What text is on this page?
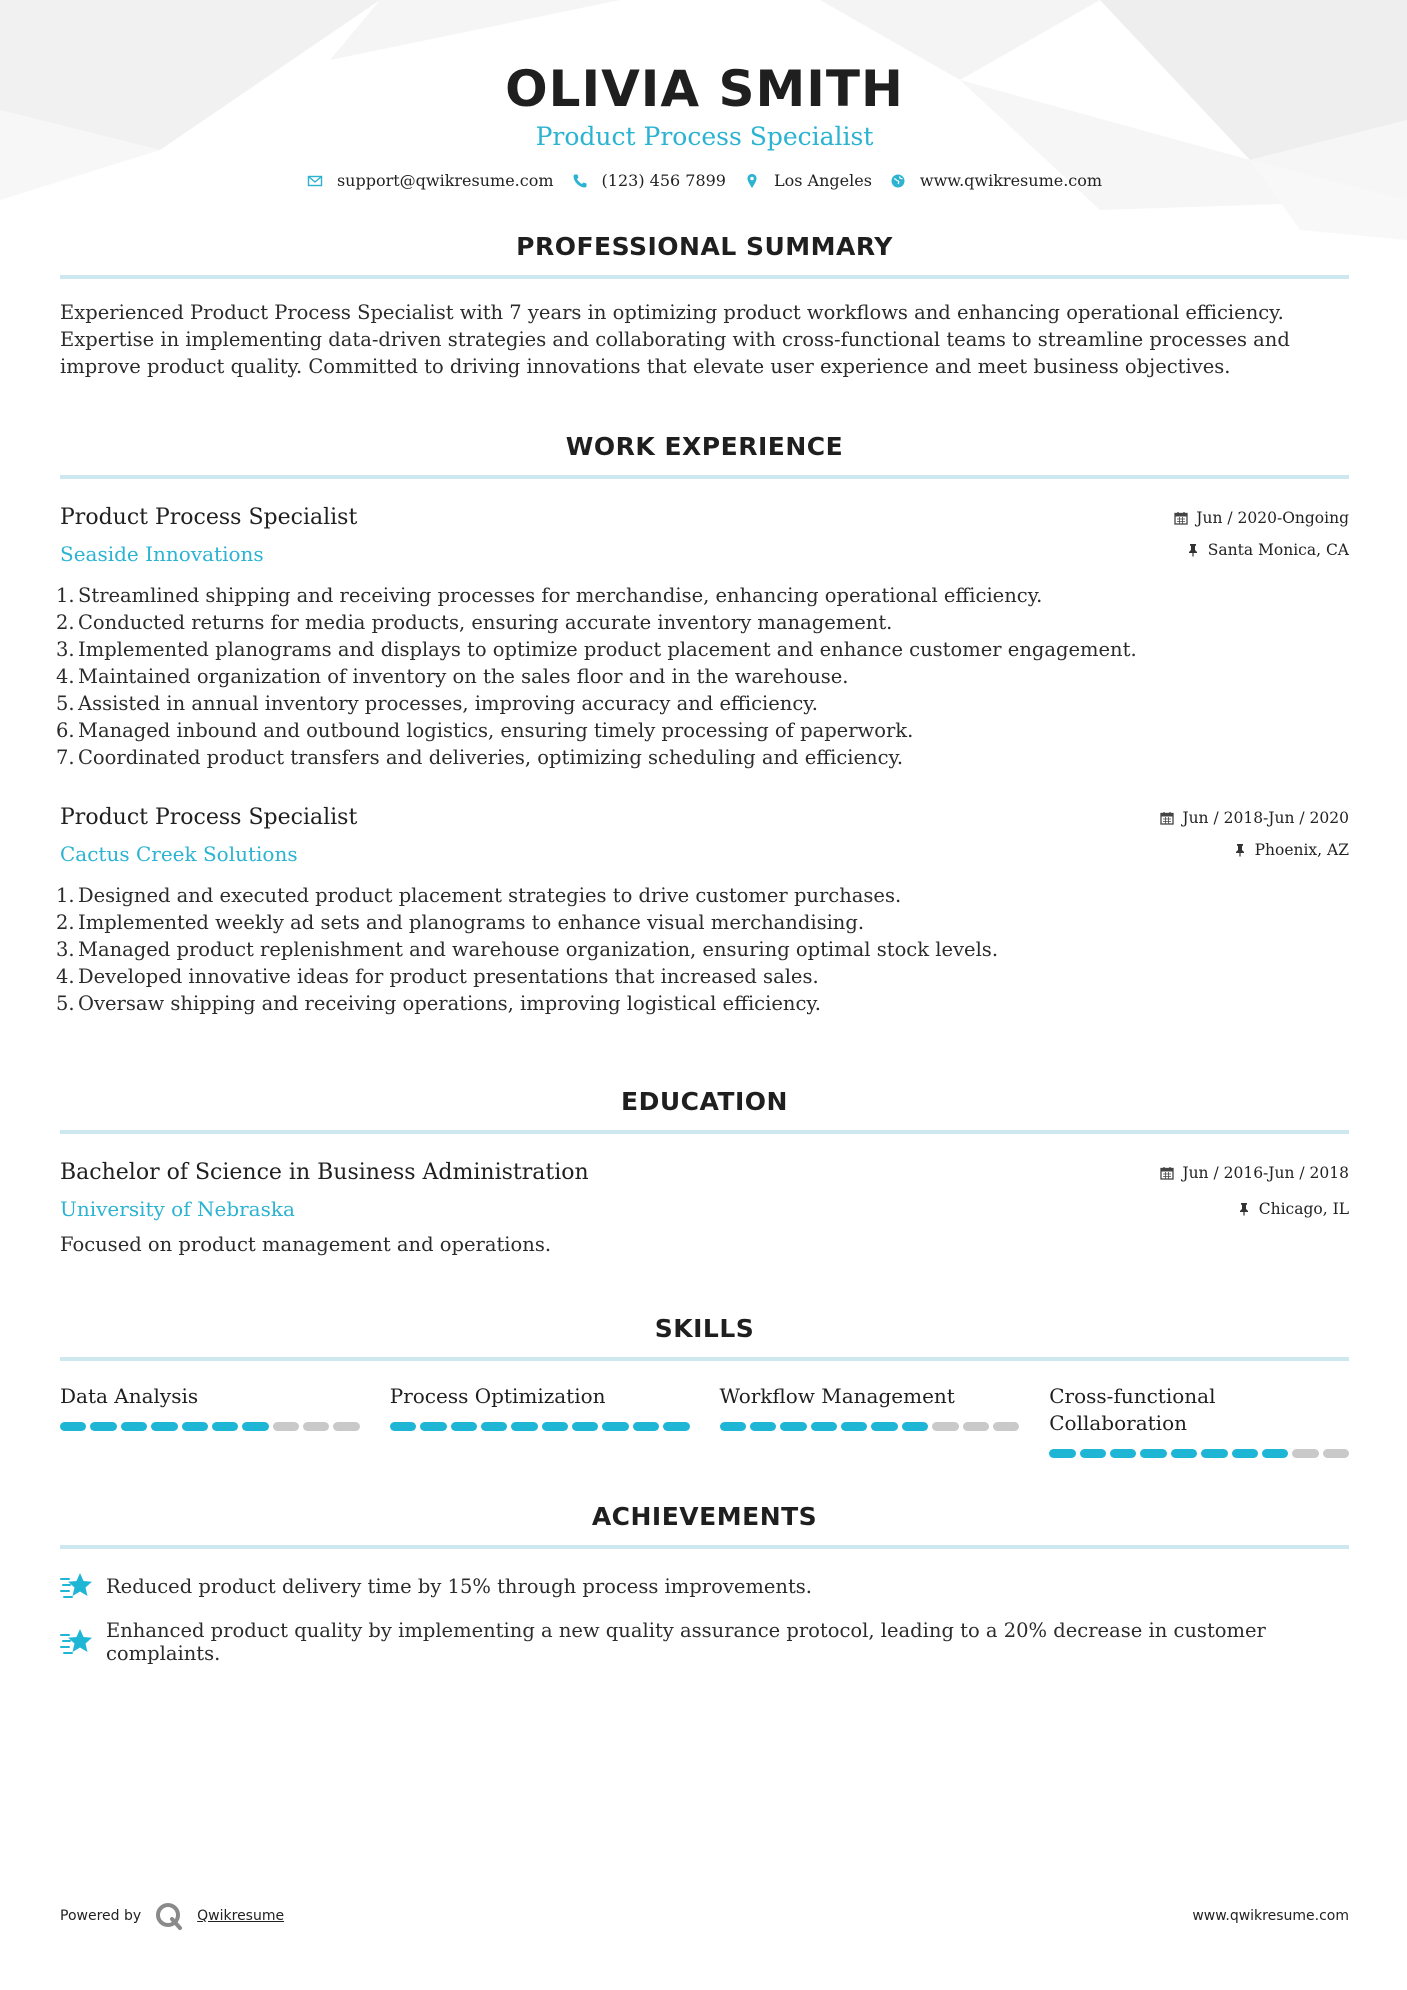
OLIVIA SMITH
Product Process Specialist
support@qwikresume.com	(123) 456 7899	Los Angeles	www.qwikresume.com
PROFESSIONAL SUMMARY

Experienced Product Process Specialist with 7 years in optimizing product workflows and enhancing operational efficiency. Expertise in implementing data-driven strategies and collaborating with cross-functional teams to streamline processes and improve product quality. Committed to driving innovations that elevate user experience and meet business objectives.

WORK EXPERIENCE
Product Process Specialist
Seaside Innovations
Jun / 2020-Ongoing
Santa Monica, CA
1. Streamlined shipping and receiving processes for merchandise, enhancing operational efficiency.
2. Conducted returns for media products, ensuring accurate inventory management.
3. Implemented planograms and displays to optimize product placement and enhance customer engagement.
4. Maintained organization of inventory on the sales floor and in the warehouse.
5. Assisted in annual inventory processes, improving accuracy and efficiency.
6. Managed inbound and outbound logistics, ensuring timely processing of paperwork.
7. Coordinated product transfers and deliveries, optimizing scheduling and efficiency.
Product Process Specialist
Cactus Creek Solutions
Jun / 2018-Jun / 2020
Phoenix, AZ
1. Designed and executed product placement strategies to drive customer purchases.
2. Implemented weekly ad sets and planograms to enhance visual merchandising.
3. Managed product replenishment and warehouse organization, ensuring optimal stock levels.
4. Developed innovative ideas for product presentations that increased sales.
5. Oversaw shipping and receiving operations, improving logistical efficiency.
EDUCATION
Bachelor of Science in Business Administration
University of Nebraska
Jun / 2016-Jun / 2018
Chicago, IL
Focused on product management and operations.
SKILLS
Data Analysis	Process Optimization	Workflow Management	Cross-functional Collaboration
ACHIEVEMENTS
Reduced product delivery time by 15% through process improvements.
Enhanced product quality by implementing a new quality assurance protocol, leading to a 20% decrease in customer complaints.
Powered by	Qwikresume	www.qwikresume.com
